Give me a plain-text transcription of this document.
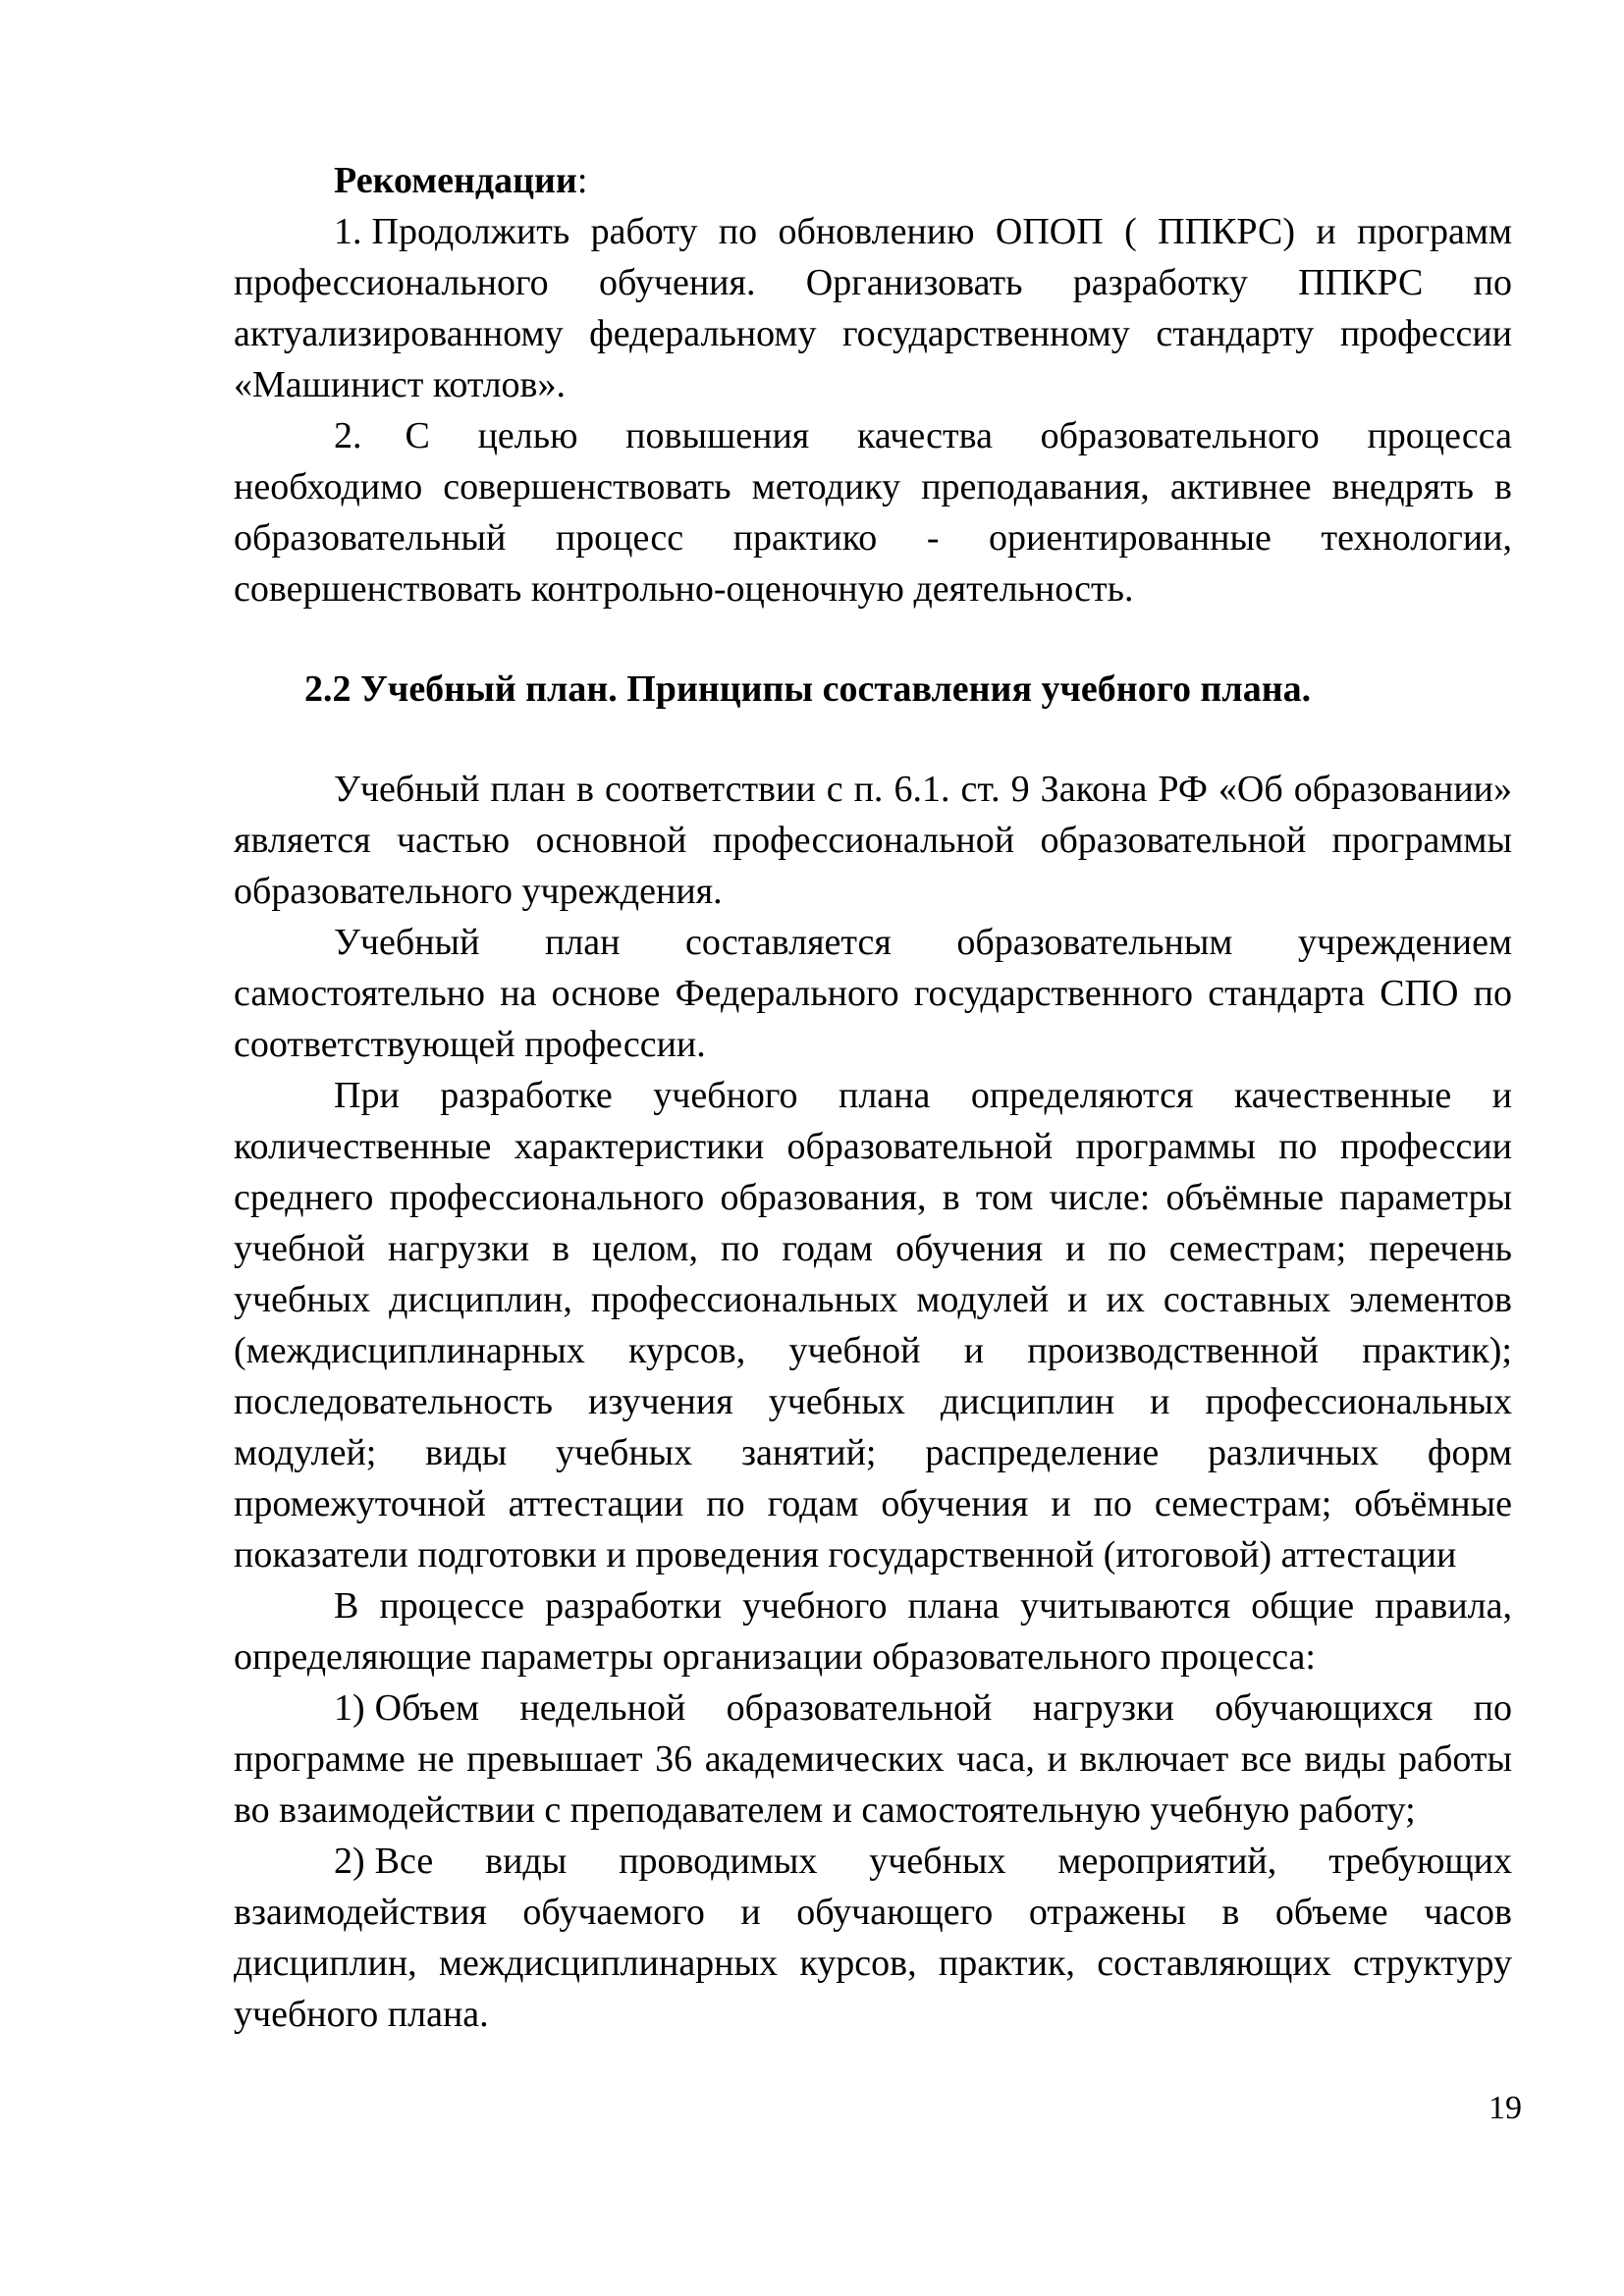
Рекомендации:

1. Продолжить работу по обновлению ОПОП ( ППКРС) и программ профессионального обучения. Организовать разработку ППКРС по актуализированному федеральному государственному стандарту профессии «Машинист котлов».

2. С целью повышения качества образовательного процесса необходимо совершенствовать методику преподавания, активнее внедрять в образовательный процесс практико - ориентированные технологии, совершенствовать контрольно-оценочную деятельность.

2.2 Учебный план. Принципы составления учебного плана.

Учебный план в соответствии с п. 6.1. ст. 9 Закона РФ «Об образовании» является частью основной профессиональной образовательной программы образовательного учреждения.

Учебный план составляется образовательным учреждением самостоятельно на основе Федерального государственного стандарта СПО по соответствующей профессии.

При разработке учебного плана определяются качественные и количественные характеристики образовательной программы по профессии среднего профессионального образования, в том числе: объёмные параметры учебной нагрузки в целом, по годам обучения и по семестрам; перечень учебных дисциплин, профессиональных модулей и их составных элементов (междисциплинарных курсов, учебной и производственной практик); последовательность изучения учебных дисциплин и профессиональных модулей; виды учебных занятий; распределение различных форм промежуточной аттестации по годам обучения и по семестрам; объёмные показатели подготовки и проведения государственной (итоговой) аттестации

В процессе разработки учебного плана учитываются общие правила, определяющие параметры организации образовательного процесса:

1) Объем недельной образовательной нагрузки обучающихся по программе не превышает 36 академических часа, и включает все виды работы во взаимодействии с преподавателем и самостоятельную учебную работу;

2) Все виды проводимых учебных мероприятий, требующих взаимодействия обучаемого и обучающего отражены в объеме часов дисциплин, междисциплинарных курсов, практик, составляющих структуру учебного плана.

19
